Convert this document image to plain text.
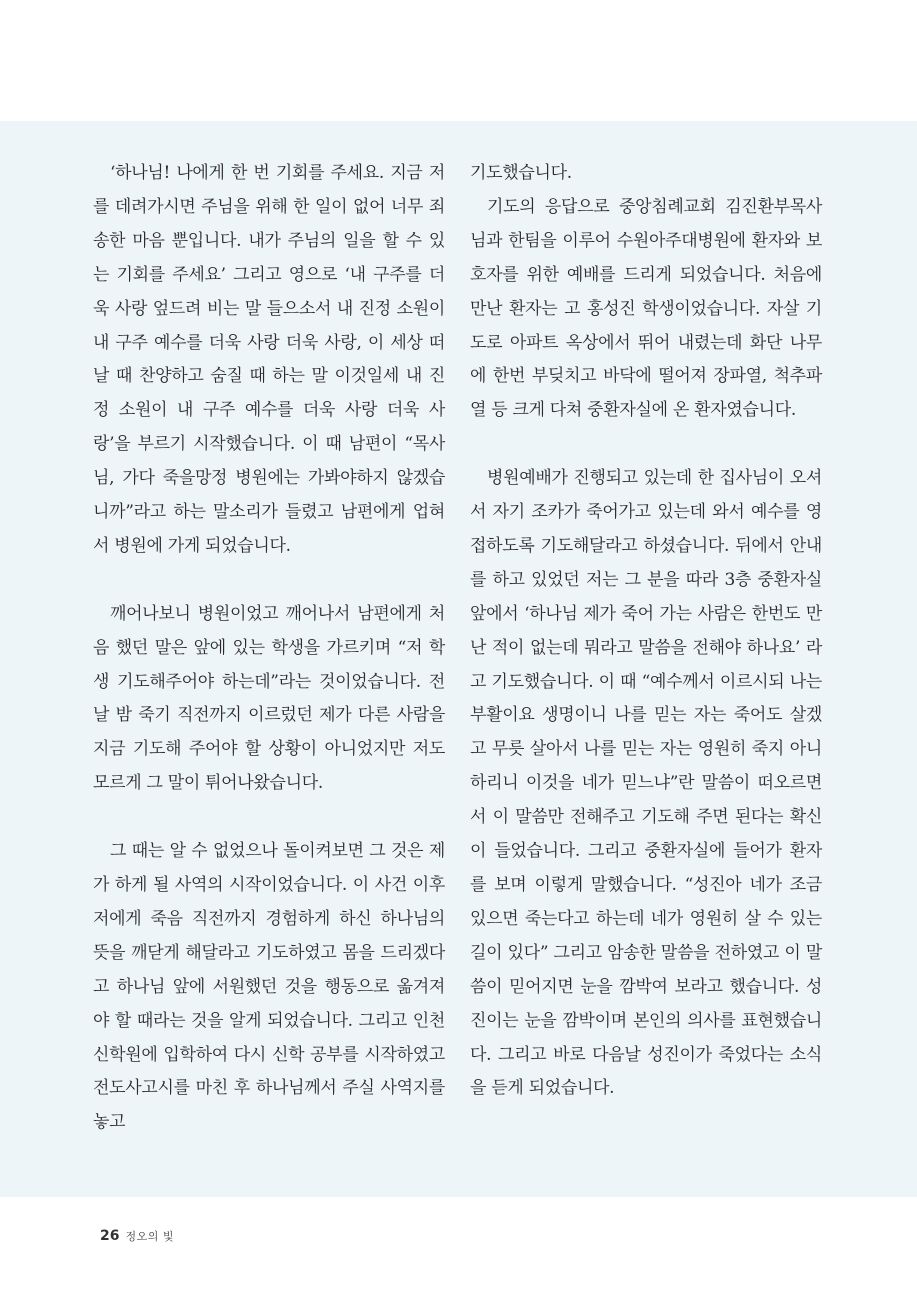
‘하나님! 나에게 한 번 기회를 주세요. 지금 저를 데려가시면 주님을 위해 한 일이 없어 너무 죄송한 마음 뿐입니다. 내가 주님의 일을 할 수 있는 기회를 주세요’ 그리고 영으로 ‘내 구주를 더욱 사랑 엎드려 비는 말 들으소서 내 진정 소원이 내 구주 예수를 더욱 사랑 더욱 사랑, 이 세상 떠날 때 찬양하고 숨질 때 하는 말 이것일세 내 진정 소원이 내 구주 예수를 더욱 사랑 더욱 사랑’을 부르기 시작했습니다. 이 때 남편이 “목사님, 가다 죽을망정 병원에는 가봐야하지 않겠습니까”라고 하는 말소리가 들렸고 남편에게 업혀서 병원에 가게 되었습니다.

깨어나보니 병원이었고 깨어나서 남편에게 처음 했던 말은 앞에 있는 학생을 가르키며 “저 학생 기도해주어야 하는데”라는 것이었습니다. 전날 밤 죽기 직전까지 이르렀던 제가 다른 사람을 지금 기도해 주어야 할 상황이 아니었지만 저도 모르게 그 말이 튀어나왔습니다.

그 때는 알 수 없었으나 돌이켜보면 그 것은 제가 하게 될 사역의 시작이었습니다. 이 사건 이후 저에게 죽음 직전까지 경험하게 하신 하나님의 뜻을 깨닫게 해달라고 기도하였고 몸을 드리겠다고 하나님 앞에 서원했던 것을 행동으로 옮겨져야 할 때라는 것을 알게 되었습니다. 그리고 인천신학원에 입학하여 다시 신학 공부를 시작하였고 전도사고시를 마친 후 하나님께서 주실 사역지를 놓고

기도했습니다.

기도의 응답으로 중앙침례교회 김진환부목사님과 한팀을 이루어 수원아주대병원에 환자와 보호자를 위한 예배를 드리게 되었습니다. 처음에 만난 환자는 고 홍성진 학생이었습니다. 자살 기도로 아파트 옥상에서 뛰어 내렸는데 화단 나무에 한번 부딪치고 바닥에 떨어져 장파열, 척추파열 등 크게 다쳐 중환자실에 온 환자였습니다.

병원예배가 진행되고 있는데 한 집사님이 오셔서 자기 조카가 죽어가고 있는데 와서 예수를 영접하도록 기도해달라고 하셨습니다. 뒤에서 안내를 하고 있었던 저는 그 분을 따라 3층 중환자실 앞에서 ‘하나님 제가 죽어 가는 사람은 한번도 만난 적이 없는데 뭐라고 말씀을 전해야 하나요’ 라고 기도했습니다. 이 때 “예수께서 이르시되 나는 부활이요 생명이니 나를 믿는 자는 죽어도 살겠고 무릇 살아서 나를 믿는 자는 영원히 죽지 아니하리니 이것을 네가 믿느냐”란 말씀이 떠오르면서 이 말씀만 전해주고 기도해 주면 된다는 확신이 들었습니다. 그리고 중환자실에 들어가 환자를 보며 이렇게 말했습니다. “성진아 네가 조금 있으면 죽는다고 하는데 네가 영원히 살 수 있는 길이 있다” 그리고 암송한 말씀을 전하였고 이 말씀이 믿어지면 눈을 깜박여 보라고 했습니다. 성진이는 눈을 깜박이며 본인의 의사를 표현했습니다. 그리고 바로 다음날 성진이가 죽었다는 소식을 듣게 되었습니다.

26 정오의 빛
